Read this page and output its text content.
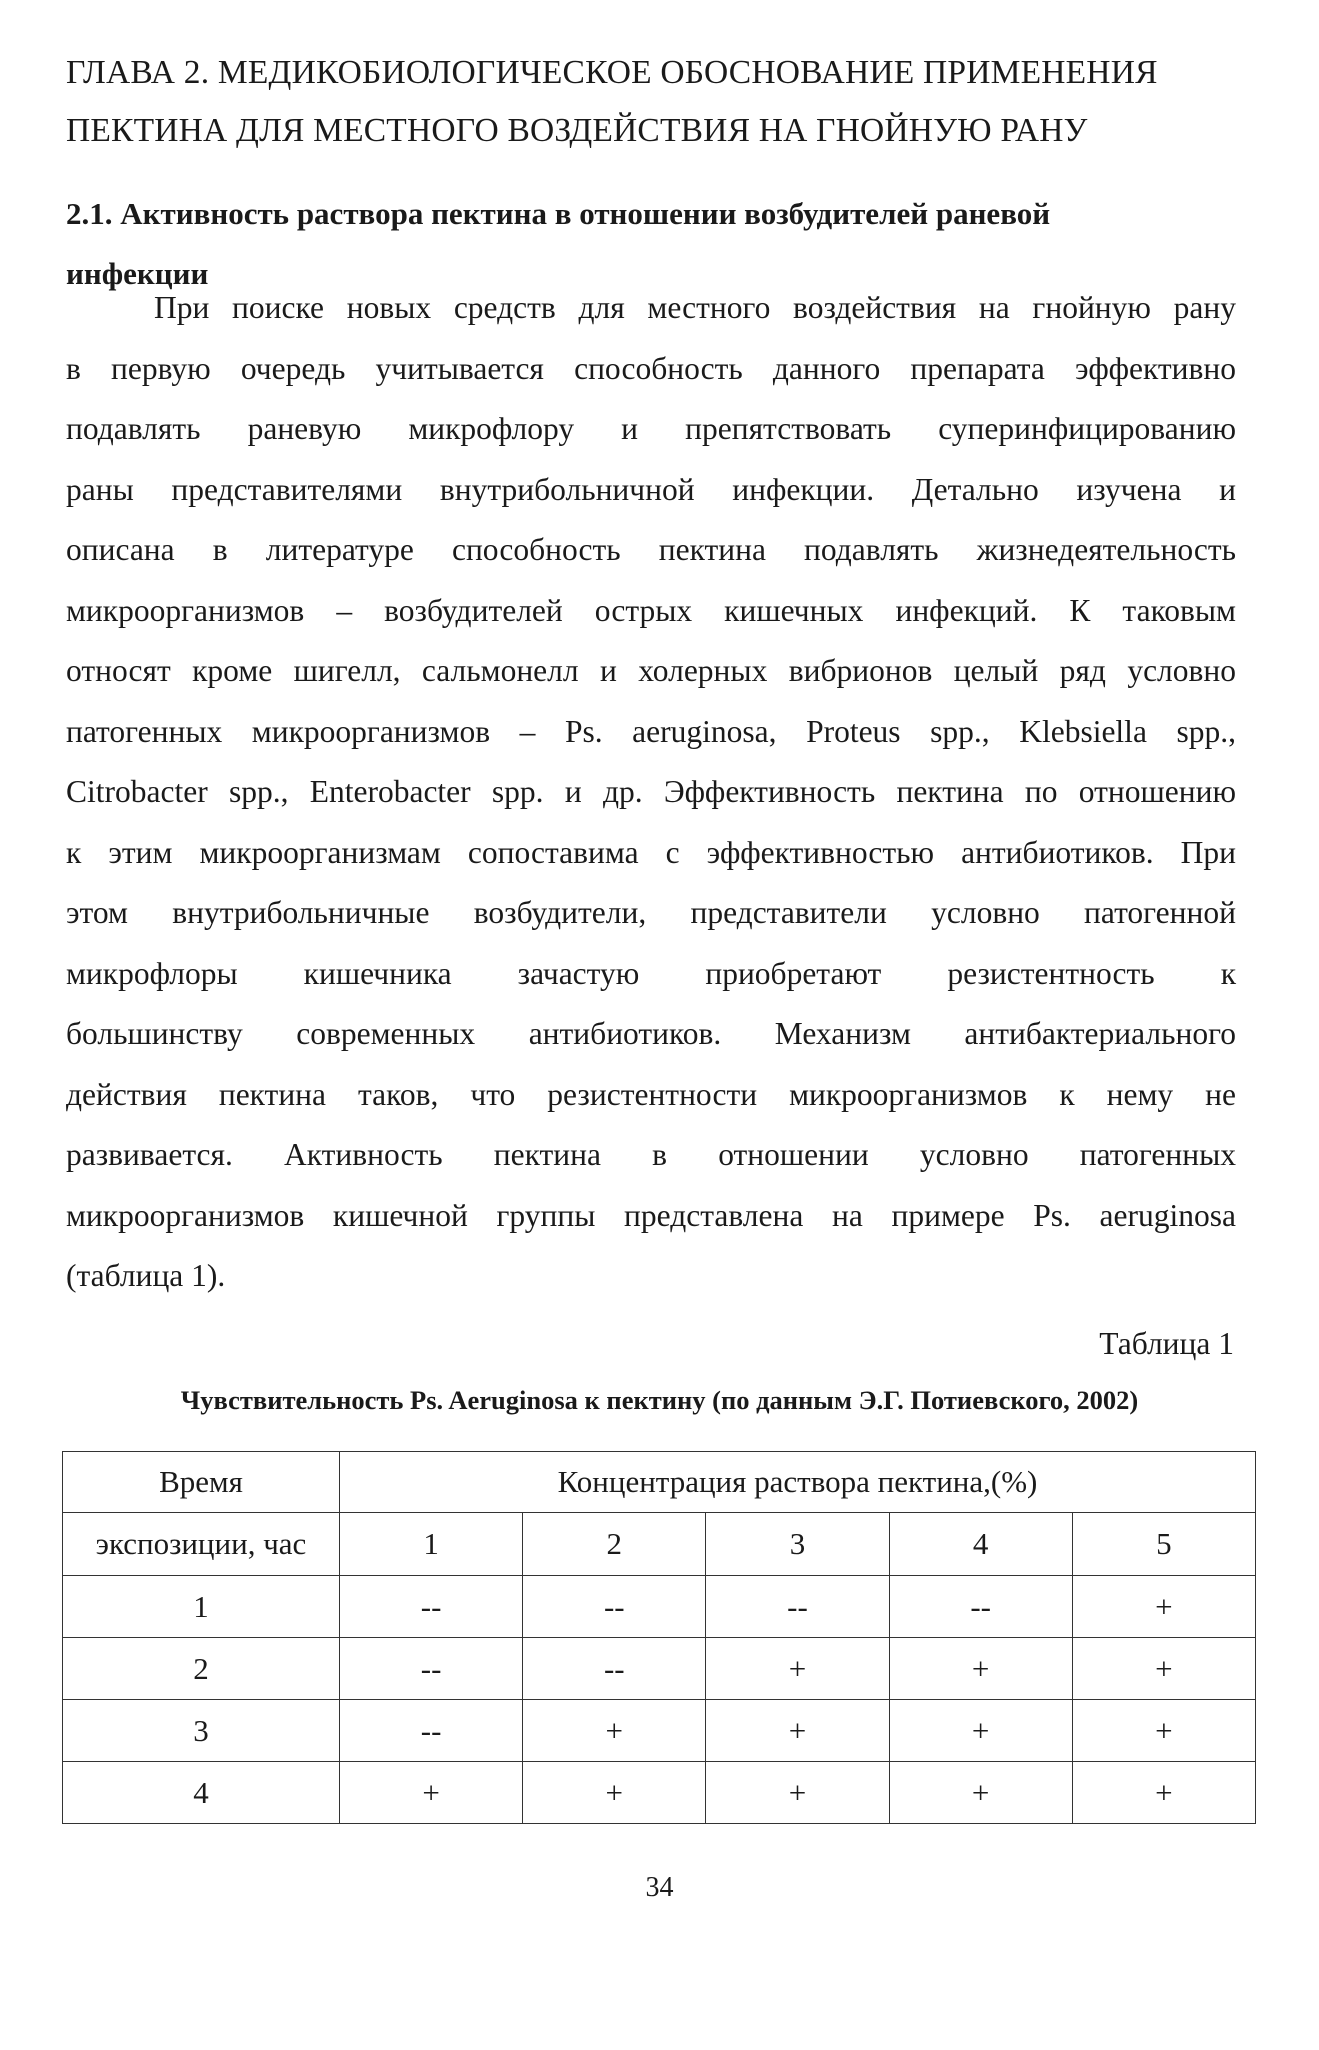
ГЛАВА 2. МЕДИКОБИОЛОГИЧЕСКОЕ ОБОСНОВАНИЕ ПРИМЕНЕНИЯ
ПЕКТИНА ДЛЯ МЕСТНОГО ВОЗДЕЙСТВИЯ НА ГНОЙНУЮ РАНУ
2.1. Активность раствора пектина в отношении возбудителей раневой
инфекции
При поиске новых средств для местного воздействия на гнойную рану
в первую очередь учитывается способность данного препарата эффективно
подавлять раневую микрофлору и препятствовать суперинфицированию
раны представителями внутрибольничной инфекции. Детально изучена и
описана в литературе способность пектина подавлять жизнедеятельность
микроорганизмов – возбудителей острых кишечных инфекций. К таковым
относят кроме шигелл, сальмонелл и холерных вибрионов целый ряд условно
патогенных микроорганизмов – Ps. aeruginosa, Proteus spp., Klebsiella spp.,
Citrobacter spp., Enterobacter spp. и др. Эффективность пектина по отношению
к этим микроорганизмам сопоставима с эффективностью антибиотиков. При
этом внутрибольничные возбудители, представители условно патогенной
микрофлоры кишечника зачастую приобретают резистентность к
большинству современных антибиотиков. Механизм антибактериального
действия пектина таков, что резистентности микроорганизмов к нему не
развивается. Активность пектина в отношении условно патогенных
микроорганизмов кишечной группы представлена на примере Ps. aeruginosa
(таблица 1).
Таблица 1
Чувствительность Ps. Aeruginosa к пектину (по данным Э.Г. Потиевского, 2002)
Время	Концентрация раствора пектина,(%)				
экспозиции, час	1	2	3	4	5
1	--	--	--	--	+
2	--	--	+	+	+
3	--	+	+	+	+
4	+	+	+	+	+
34
